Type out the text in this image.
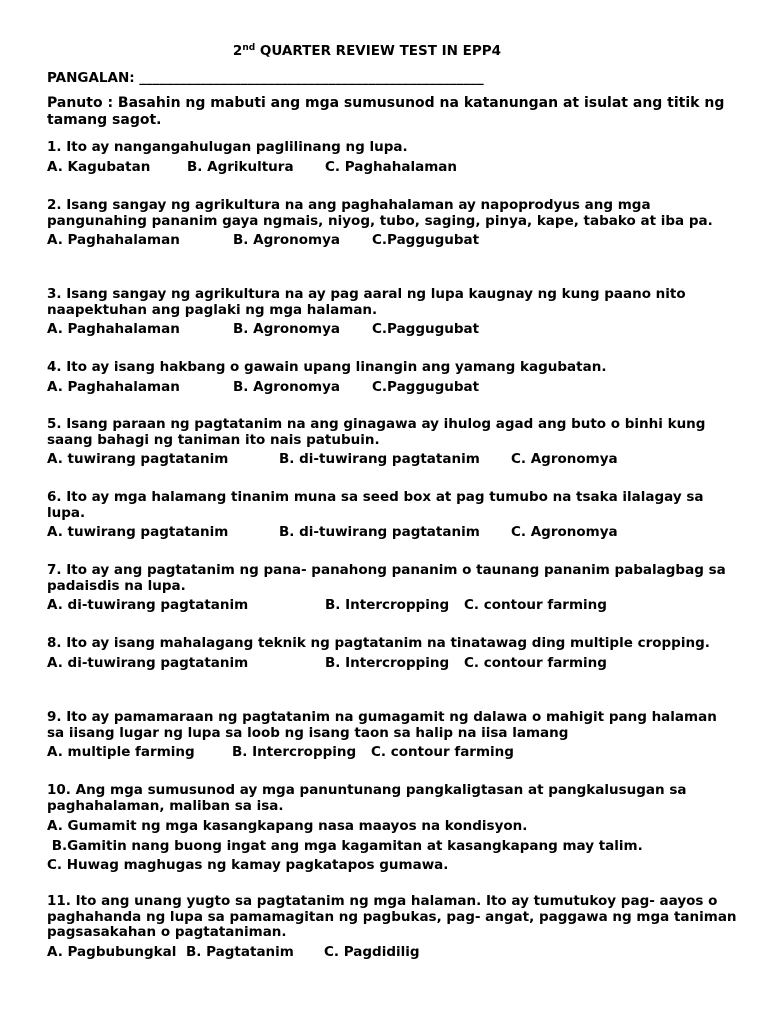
2nd QUARTER REVIEW TEST IN EPP4
PANGALAN: ___________________________________________________
Panuto : Basahin ng mabuti ang mga sumusunod na katanungan at isulat ang titik ng tamang sagot.

1. Ito ay nangangahulugan paglilinang ng lupa.

A. Kagubatan	B. Agrikultura C. Paghahalaman

2. Isang sangay ng agrikultura na ang paghahalaman ay napoprodyus ang mga pangunahing pananim gaya ngmais, niyog, tubo, saging, pinya, kape, tabako at iba pa.

A. Paghahalaman	B. Agronomya C.Paggugubat

3. Isang sangay ng agrikultura na ay pag aaral ng lupa kaugnay ng kung paano nito naapektuhan ang paglaki ng mga halaman.

A. Paghahalaman	B. Agronomya C.Paggugubat

4. Ito ay isang hakbang o gawain upang linangin ang yamang kagubatan.

A. Paghahalaman	B. Agronomya C.Paggugubat

5. Isang paraan ng pagtatanim na ang ginagawa ay ihulog agad ang buto o binhi kung saang bahagi ng taniman ito nais patubuin.

A. tuwirang pagtatanim	B. di-tuwirang pagtatanim C. Agronomya

6. Ito ay mga halamang tinanim muna sa seed box at pag tumubo na tsaka ilalagay sa lupa.

A. tuwirang pagtatanim	B. di-tuwirang pagtatanim C. Agronomya

7. Ito ay ang pagtatanim ng pana- panahong pananim o taunang pananim pabalagbag sa padaisdis na lupa.

A. di-tuwirang pagtatanim	B. Intercropping C. contour farming

8. Ito ay isang mahalagang teknik ng pagtatanim na tinatawag ding multiple cropping.

A. di-tuwirang pagtatanim	B. Intercropping C. contour farming

9. Ito ay pamamaraan ng pagtatanim na gumagamit ng dalawa o mahigit pang halaman sa iisang lugar ng lupa sa loob ng isang taon sa halip na iisa lamang

A. multiple farming	B. Intercropping C. contour farming

10. Ang mga sumusunod ay mga panuntunang pangkaligtasan at pangkalusugan sa paghahalaman, maliban sa isa.

A. Gumamit ng mga kasangkapang nasa maayos na kondisyon.
B.Gamitin nang buong ingat ang mga kagamitan at kasangkapang may talim.
C. Huwag maghugas ng kamay pagkatapos gumawa.

11. Ito ang unang yugto sa pagtatanim ng mga halaman. Ito ay tumutukoy pag- aayos o paghahanda ng lupa sa pamamagitan ng pagbukas, pag- angat, paggawa ng mga taniman pagsasakahan o pagtataniman.

A. Pagbubungkal B. Pagtatanim C. Pagdidilig
